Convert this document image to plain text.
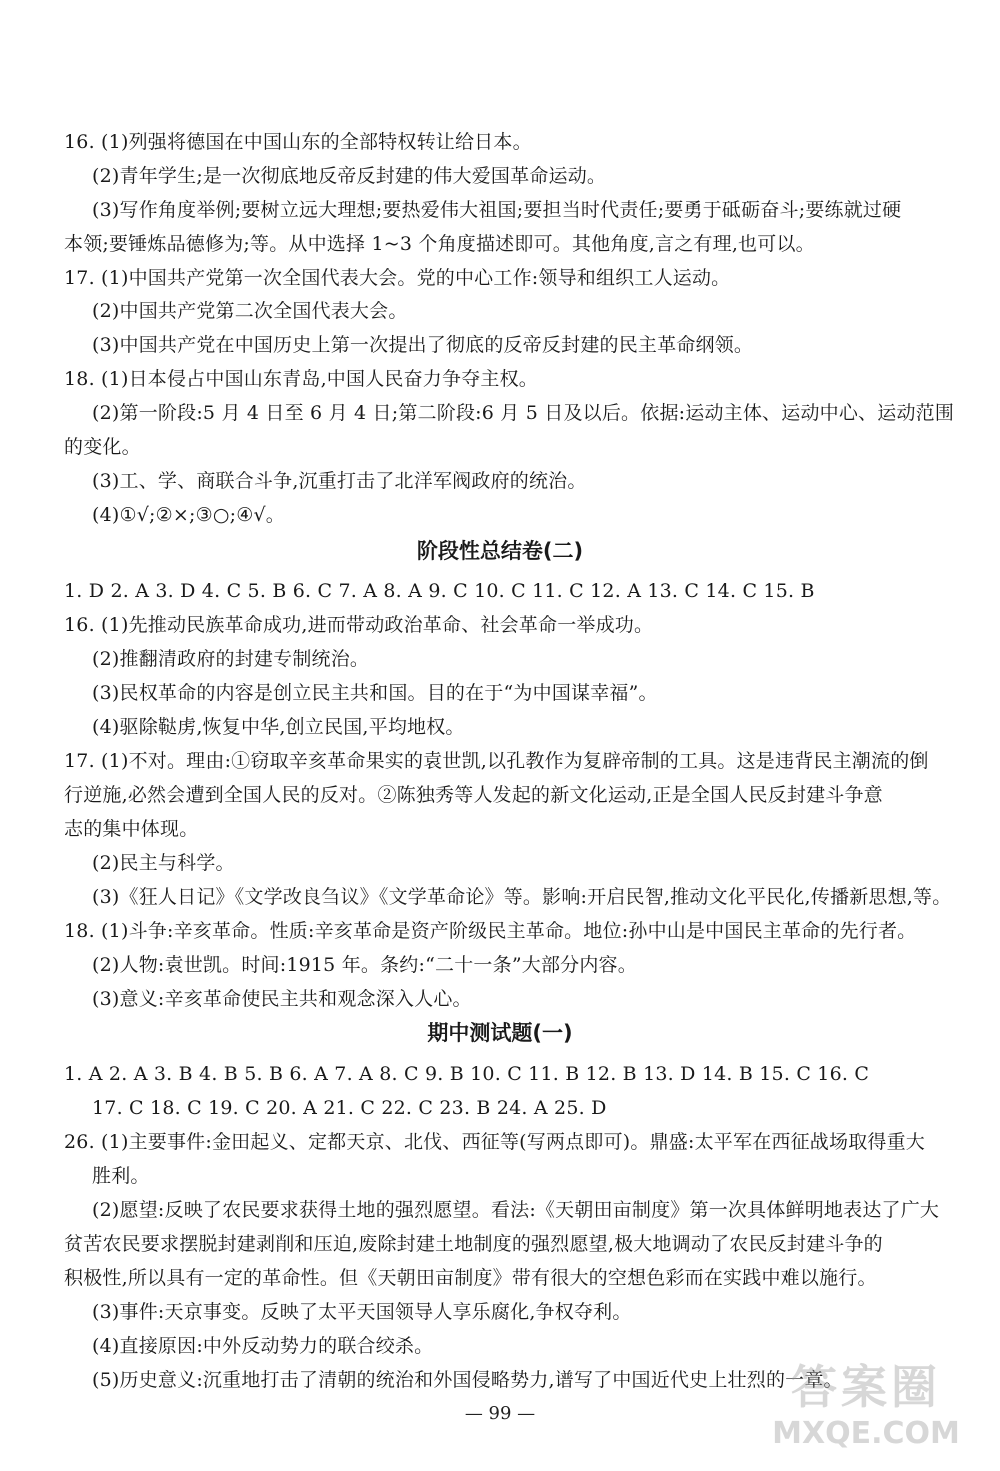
16. (1)列强将德国在中国山东的全部特权转让给日本。
(2)青年学生;是一次彻底地反帝反封建的伟大爱国革命运动。
(3)写作角度举例;要树立远大理想;要热爱伟大祖国;要担当时代责任;要勇于砥砺奋斗;要练就过硬
本领;要锤炼品德修为;等。从中选择 1~3 个角度描述即可。其他角度,言之有理,也可以。
17. (1)中国共产党第一次全国代表大会。党的中心工作:领导和组织工人运动。
(2)中国共产党第二次全国代表大会。
(3)中国共产党在中国历史上第一次提出了彻底的反帝反封建的民主革命纲领。
18. (1)日本侵占中国山东青岛,中国人民奋力争夺主权。
(2)第一阶段:5 月 4 日至 6 月 4 日;第二阶段:6 月 5 日及以后。依据:运动主体、运动中心、运动范围
的变化。
(3)工、学、商联合斗争,沉重打击了北洋军阀政府的统治。
(4)①√;②×;③○;④√。
阶段性总结卷(二)
1. D 2. A 3. D 4. C 5. B 6. C 7. A 8. A 9. C 10. C 11. C 12. A 13. C 14. C 15. B
16. (1)先推动民族革命成功,进而带动政治革命、社会革命一举成功。
(2)推翻清政府的封建专制统治。
(3)民权革命的内容是创立民主共和国。目的在于“为中国谋幸福”。
(4)驱除鞑虏,恢复中华,创立民国,平均地权。
17. (1)不对。理由:①窃取辛亥革命果实的袁世凯,以孔教作为复辟帝制的工具。这是违背民主潮流的倒
行逆施,必然会遭到全国人民的反对。②陈独秀等人发起的新文化运动,正是全国人民反封建斗争意
志的集中体现。
(2)民主与科学。
(3)《狂人日记》《文学改良刍议》《文学革命论》等。影响:开启民智,推动文化平民化,传播新思想,等。
18. (1)斗争:辛亥革命。性质:辛亥革命是资产阶级民主革命。地位:孙中山是中国民主革命的先行者。
(2)人物:袁世凯。时间:1915 年。条约:“二十一条”大部分内容。
(3)意义:辛亥革命使民主共和观念深入人心。
期中测试题(一)
1. A 2. A 3. B 4. B 5. B 6. A 7. A 8. C 9. B 10. C 11. B 12. B 13. D 14. B 15. C 16. C
17. C 18. C 19. C 20. A 21. C 22. C 23. B 24. A 25. D
26. (1)主要事件:金田起义、定都天京、北伐、西征等(写两点即可)。鼎盛:太平军在西征战场取得重大
胜利。
(2)愿望:反映了农民要求获得土地的强烈愿望。看法:《天朝田亩制度》第一次具体鲜明地表达了广大
贫苦农民要求摆脱封建剥削和压迫,废除封建土地制度的强烈愿望,极大地调动了农民反封建斗争的
积极性,所以具有一定的革命性。但《天朝田亩制度》带有很大的空想色彩而在实践中难以施行。
(3)事件:天京事变。反映了太平天国领导人享乐腐化,争权夺利。
(4)直接原因:中外反动势力的联合绞杀。
(5)历史意义:沉重地打击了清朝的统治和外国侵略势力,谱写了中国近代史上壮烈的一章。
— 99 —	答案圈
MXQE.COM
